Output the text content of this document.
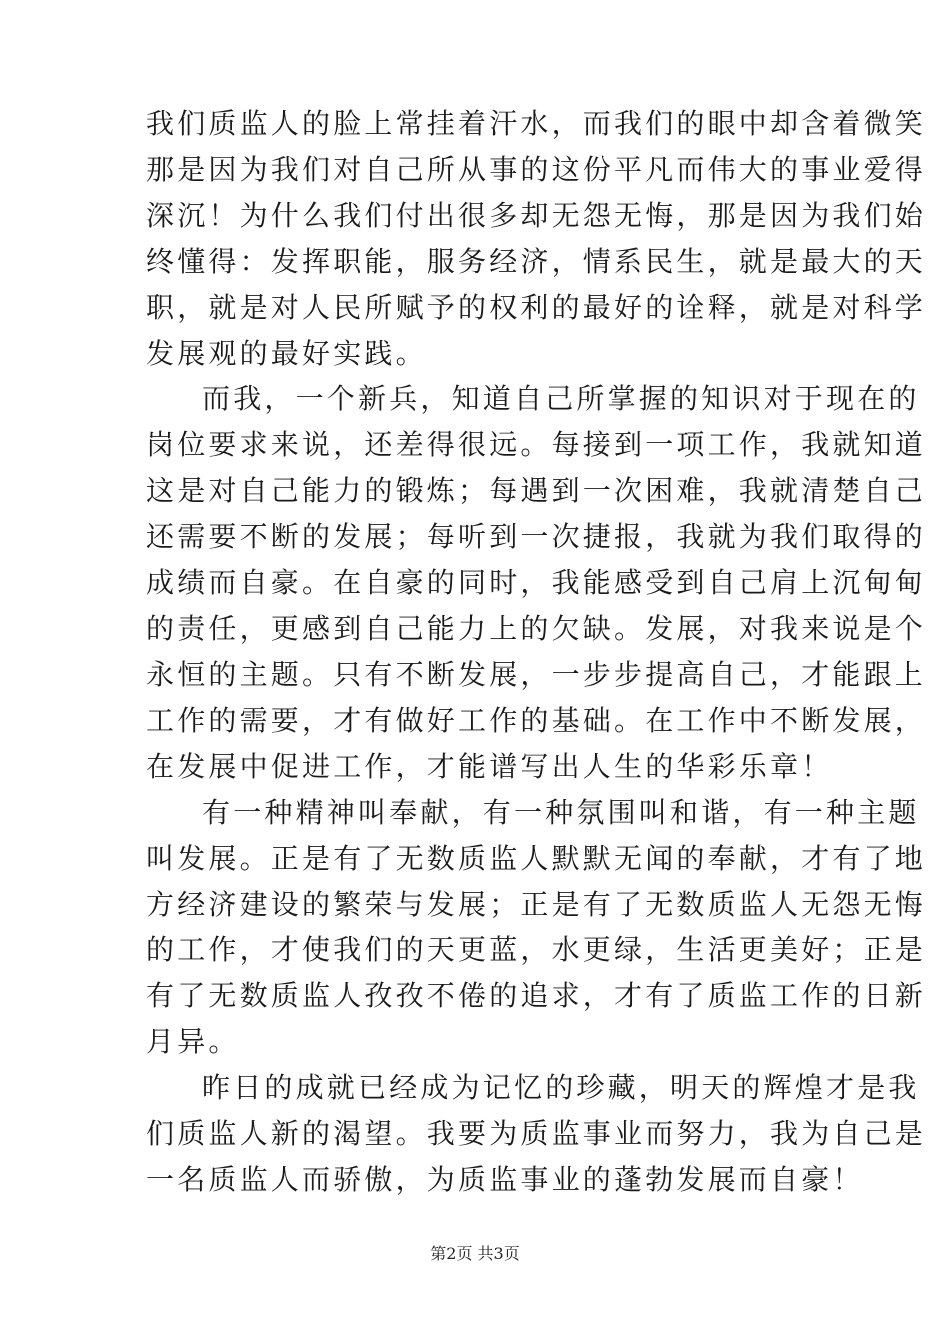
我们质监人的脸上常挂着汗水，而我们的眼中却含着微笑
那是因为我们对自己所从事的这份平凡而伟大的事业爱得
深沉！为什么我们付出很多却无怨无悔，那是因为我们始
终懂得：发挥职能，服务经济，情系民生，就是最大的天
职，就是对人民所赋予的权利的最好的诠释，就是对科学
发展观的最好实践。
而我，一个新兵，知道自己所掌握的知识对于现在的
岗位要求来说，还差得很远。每接到一项工作，我就知道
这是对自己能力的锻炼；每遇到一次困难，我就清楚自己
还需要不断的发展；每听到一次捷报，我就为我们取得的
成绩而自豪。在自豪的同时，我能感受到自己肩上沉甸甸
的责任，更感到自己能力上的欠缺。发展，对我来说是个
永恒的主题。只有不断发展，一步步提高自己，才能跟上
工作的需要，才有做好工作的基础。在工作中不断发展，
在发展中促进工作，才能谱写出人生的华彩乐章！
有一种精神叫奉献，有一种氛围叫和谐，有一种主题
叫发展。正是有了无数质监人默默无闻的奉献，才有了地
方经济建设的繁荣与发展；正是有了无数质监人无怨无悔
的工作，才使我们的天更蓝，水更绿，生活更美好；正是
有了无数质监人孜孜不倦的追求，才有了质监工作的日新
月异。
昨日的成就已经成为记忆的珍藏，明天的辉煌才是我
们质监人新的渴望。我要为质监事业而努力，我为自己是
一名质监人而骄傲，为质监事业的蓬勃发展而自豪！
第2页 共3页
